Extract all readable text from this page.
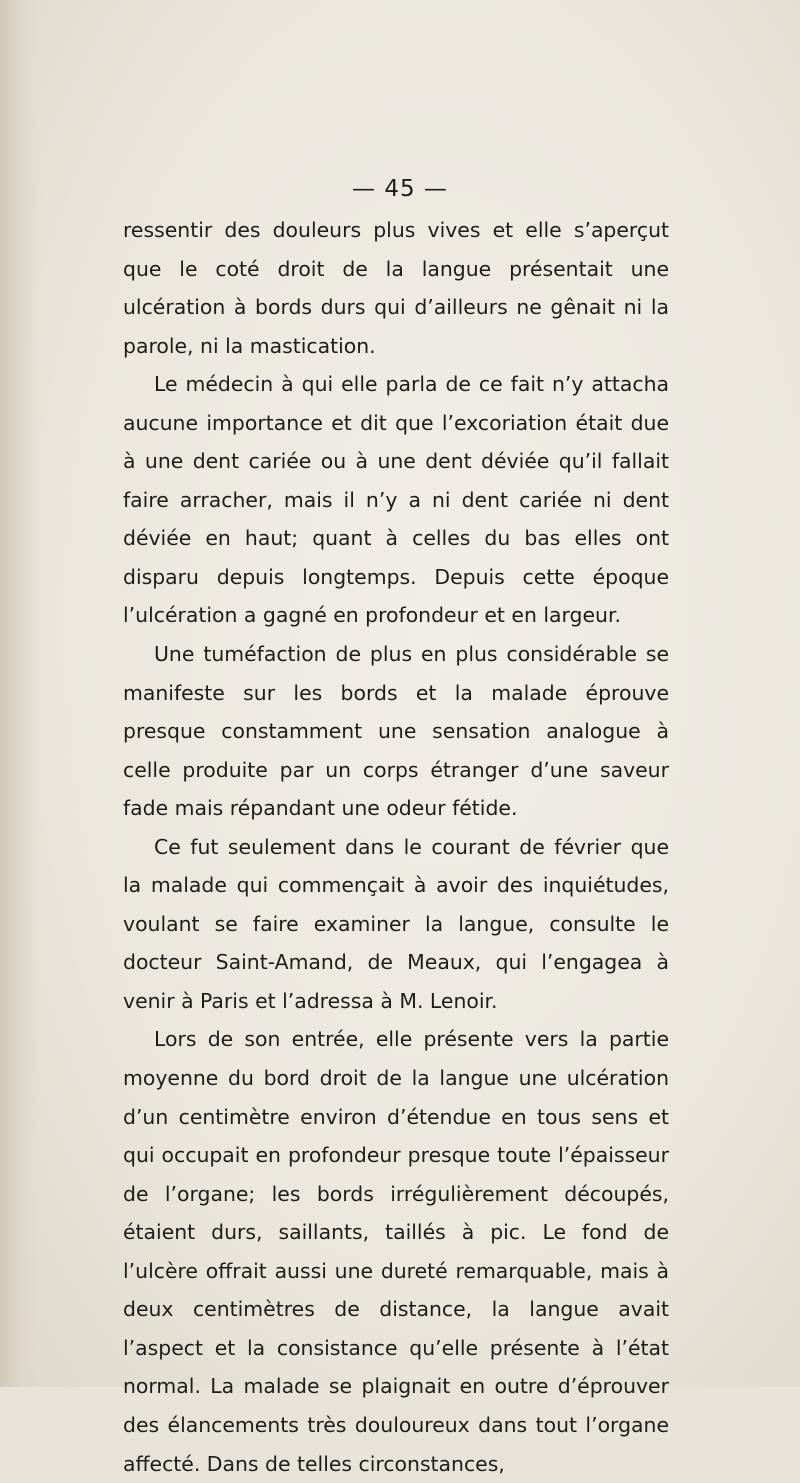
— 45 —

ressentir des douleurs plus vives et elle s’aperçut que le coté droit de la langue présentait une ulcération à bords durs qui d’ailleurs ne gênait ni la parole, ni la mastication.

Le médecin à qui elle parla de ce fait n’y attacha aucune importance et dit que l’excoriation était due à une dent cariée ou à une dent déviée qu’il fallait faire arracher, mais il n’y a ni dent cariée ni dent déviée en haut; quant à celles du bas elles ont disparu depuis longtemps. Depuis cette époque l’ulcération a gagné en profondeur et en largeur.

Une tuméfaction de plus en plus considérable se manifeste sur les bords et la malade éprouve presque constamment une sensation analogue à celle produite par un corps étranger d’une saveur fade mais répandant une odeur fétide.

Ce fut seulement dans le courant de février que la malade qui commençait à avoir des inquiétudes, voulant se faire examiner la langue, consulte le docteur Saint-Amand, de Meaux, qui l’engagea à venir à Paris et l’adressa à M. Lenoir.

Lors de son entrée, elle présente vers la partie moyenne du bord droit de la langue une ulcération d’un centimètre environ d’étendue en tous sens et qui occupait en profondeur presque toute l’épaisseur de l’organe; les bords irrégulièrement découpés, étaient durs, saillants, taillés à pic. Le fond de l’ulcère offrait aussi une dureté remarquable, mais à deux centimètres de distance, la langue avait l’aspect et la consistance qu’elle présente à l’état normal. La malade se plaignait en outre d’éprouver des élancements très douloureux dans tout l’organe affecté. Dans de telles circonstances,
